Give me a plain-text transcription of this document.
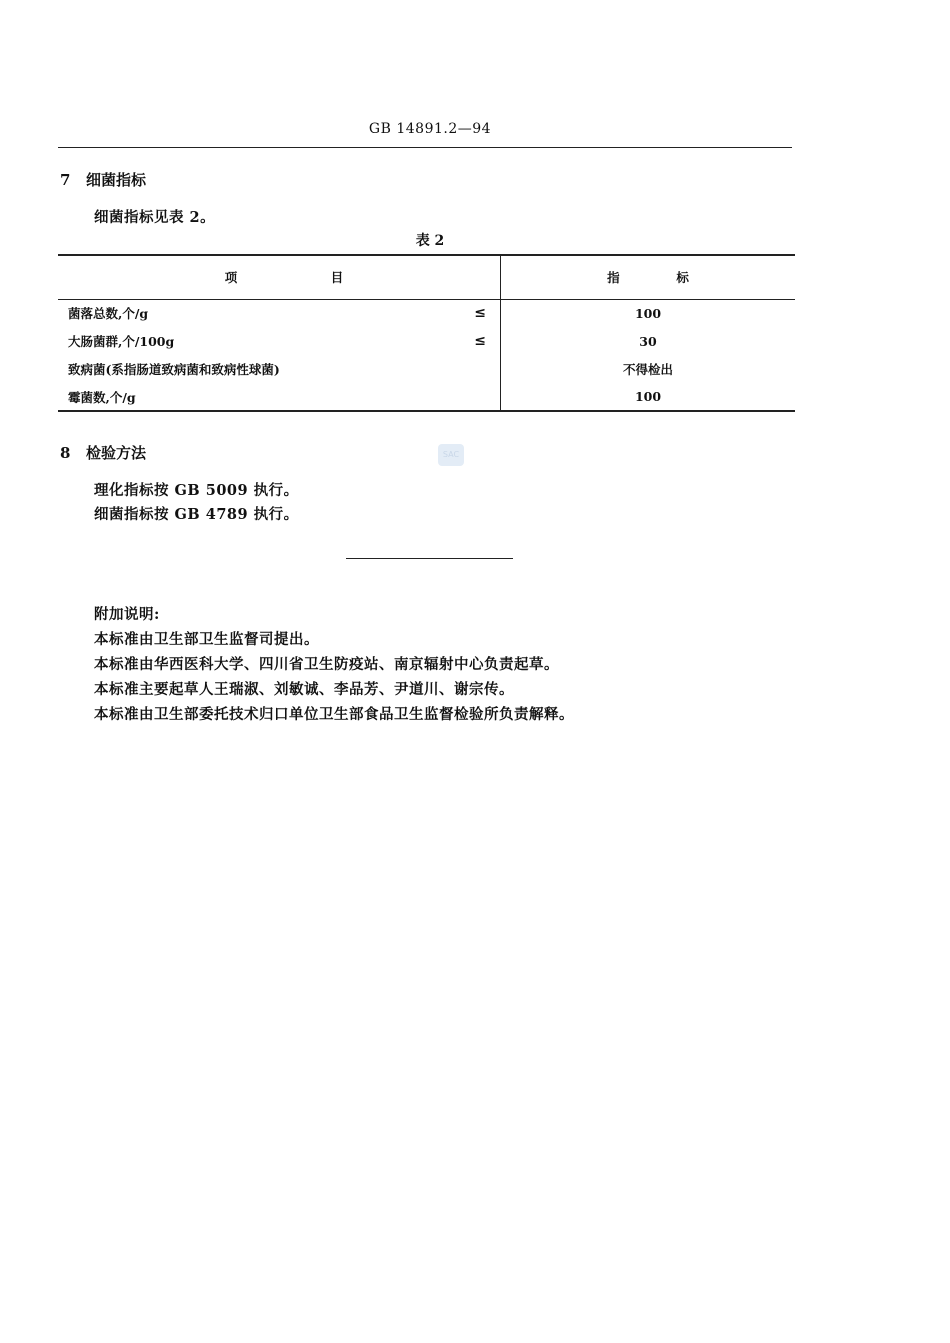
GB 14891.2—94
7 细菌指标
细菌指标见表 2。
表 2
项 目	指 标
菌落总数,个/g ≤	100
大肠菌群,个/100g ≤	30
致病菌(系指肠道致病菌和致病性球菌)	不得检出
霉菌数,个/g	100
SAC
8 检验方法
理化指标按 GB 5009 执行。
细菌指标按 GB 4789 执行。
附加说明:
本标准由卫生部卫生监督司提出。
本标准由华西医科大学、四川省卫生防疫站、南京辐射中心负责起草。
本标准主要起草人王瑞淑、刘敏诚、李品芳、尹道川、谢宗传。
本标准由卫生部委托技术归口单位卫生部食品卫生监督检验所负责解释。
